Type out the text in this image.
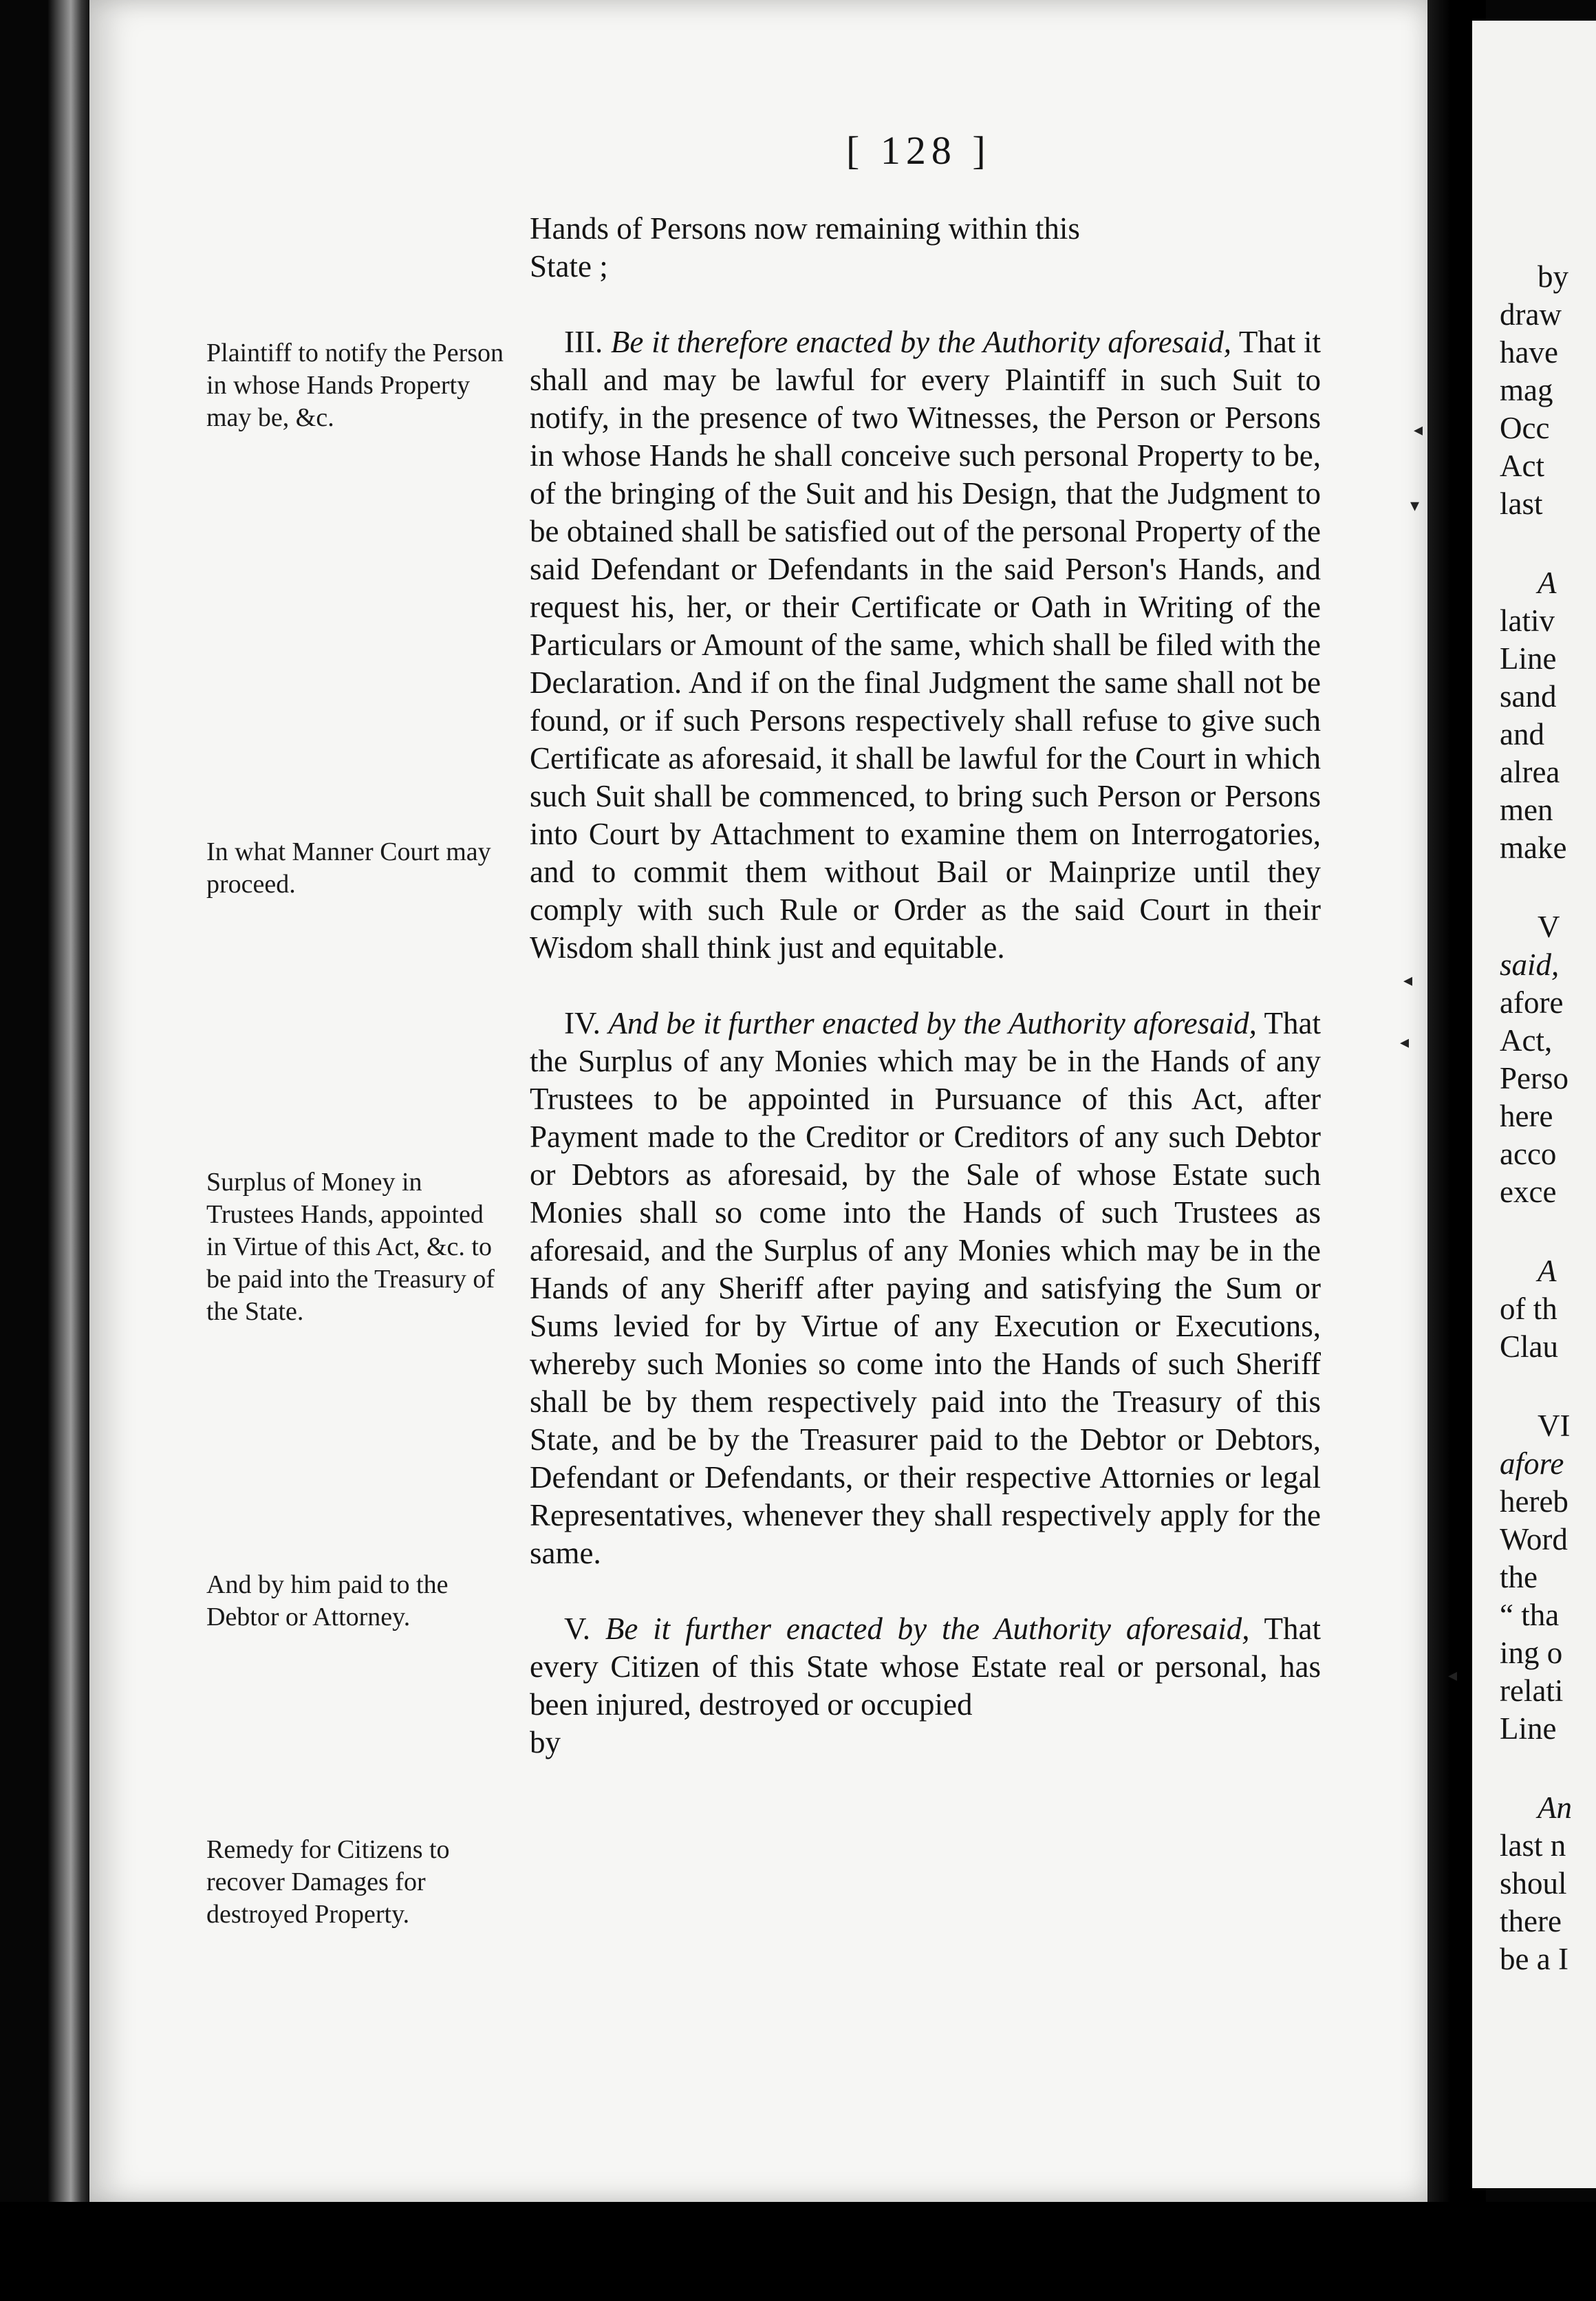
by
draw
have
mag
Occ
Act
last
A
lativ
Line
sand
and
alrea
men
make
V
said,
afore
Act,
Perso
here
acco
exce
A
of th
Clau
VI
afore
hereb
Word
the
“ tha
ing o
relati
Line
An
last n
shoul
there
be a I
[ 128 ]
Plaintiff to notify the Person in whose Hands Property may be, &c.
In what Manner Court may proceed.
Surplus of Money in Trustees Hands, appointed in Virtue of this Act, &c. to be paid into the Treasury of the State.
And by him paid to the Debtor or Attorney.
Remedy for Citizens to recover Damages for destroyed Property.

Hands of Persons now remaining within this
State ;

III. Be it therefore enacted by the Authority aforesaid, That it shall and may be lawful for every Plaintiff in such Suit to notify, in the presence of two Witnesses, the Person or Persons in whose Hands he shall conceive such personal Property to be, of the bringing of the Suit and his Design, that the Judgment to be obtained shall be satisfied out of the personal Property of the said Defendant or Defendants in the said Person's Hands, and request his, her, or their Certificate or Oath in Writing of the Particulars or Amount of the same, which shall be filed with the Declaration. And if on the final Judgment the same shall not be found, or if such Persons respectively shall refuse to give such Certificate as aforesaid, it shall be lawful for the Court in which such Suit shall be commenced, to bring such Person or Persons into Court by Attachment to examine them on Interrogatories, and to commit them without Bail or Mainprize until they comply with such Rule or Order as the said Court in their Wisdom shall think just and equitable.

IV. And be it further enacted by the Authority aforesaid, That the Surplus of any Monies which may be in the Hands of any Trustees to be appointed in Pursuance of this Act, after Payment made to the Creditor or Creditors of any such Debtor or Debtors as aforesaid, by the Sale of whose Estate such Monies shall so come into the Hands of such Trustees as aforesaid, and the Surplus of any Monies which may be in the Hands of any Sheriff after paying and satisfying the Sum or Sums levied for by Virtue of any Execution or Executions, whereby such Monies so come into the Hands of such Sheriff shall be by them respectively paid into the Treasury of this State, and be by the Treasurer paid to the Debtor or Debtors, Defendant or Defendants, or their respective Attornies or legal Representatives, whenever they shall respectively apply for the same.

V. Be it further enacted by the Authority aforesaid, That every Citizen of this State whose Estate real or personal, has been injured, destroyed or occupied

by

◂
▾
◂
◂
◂
